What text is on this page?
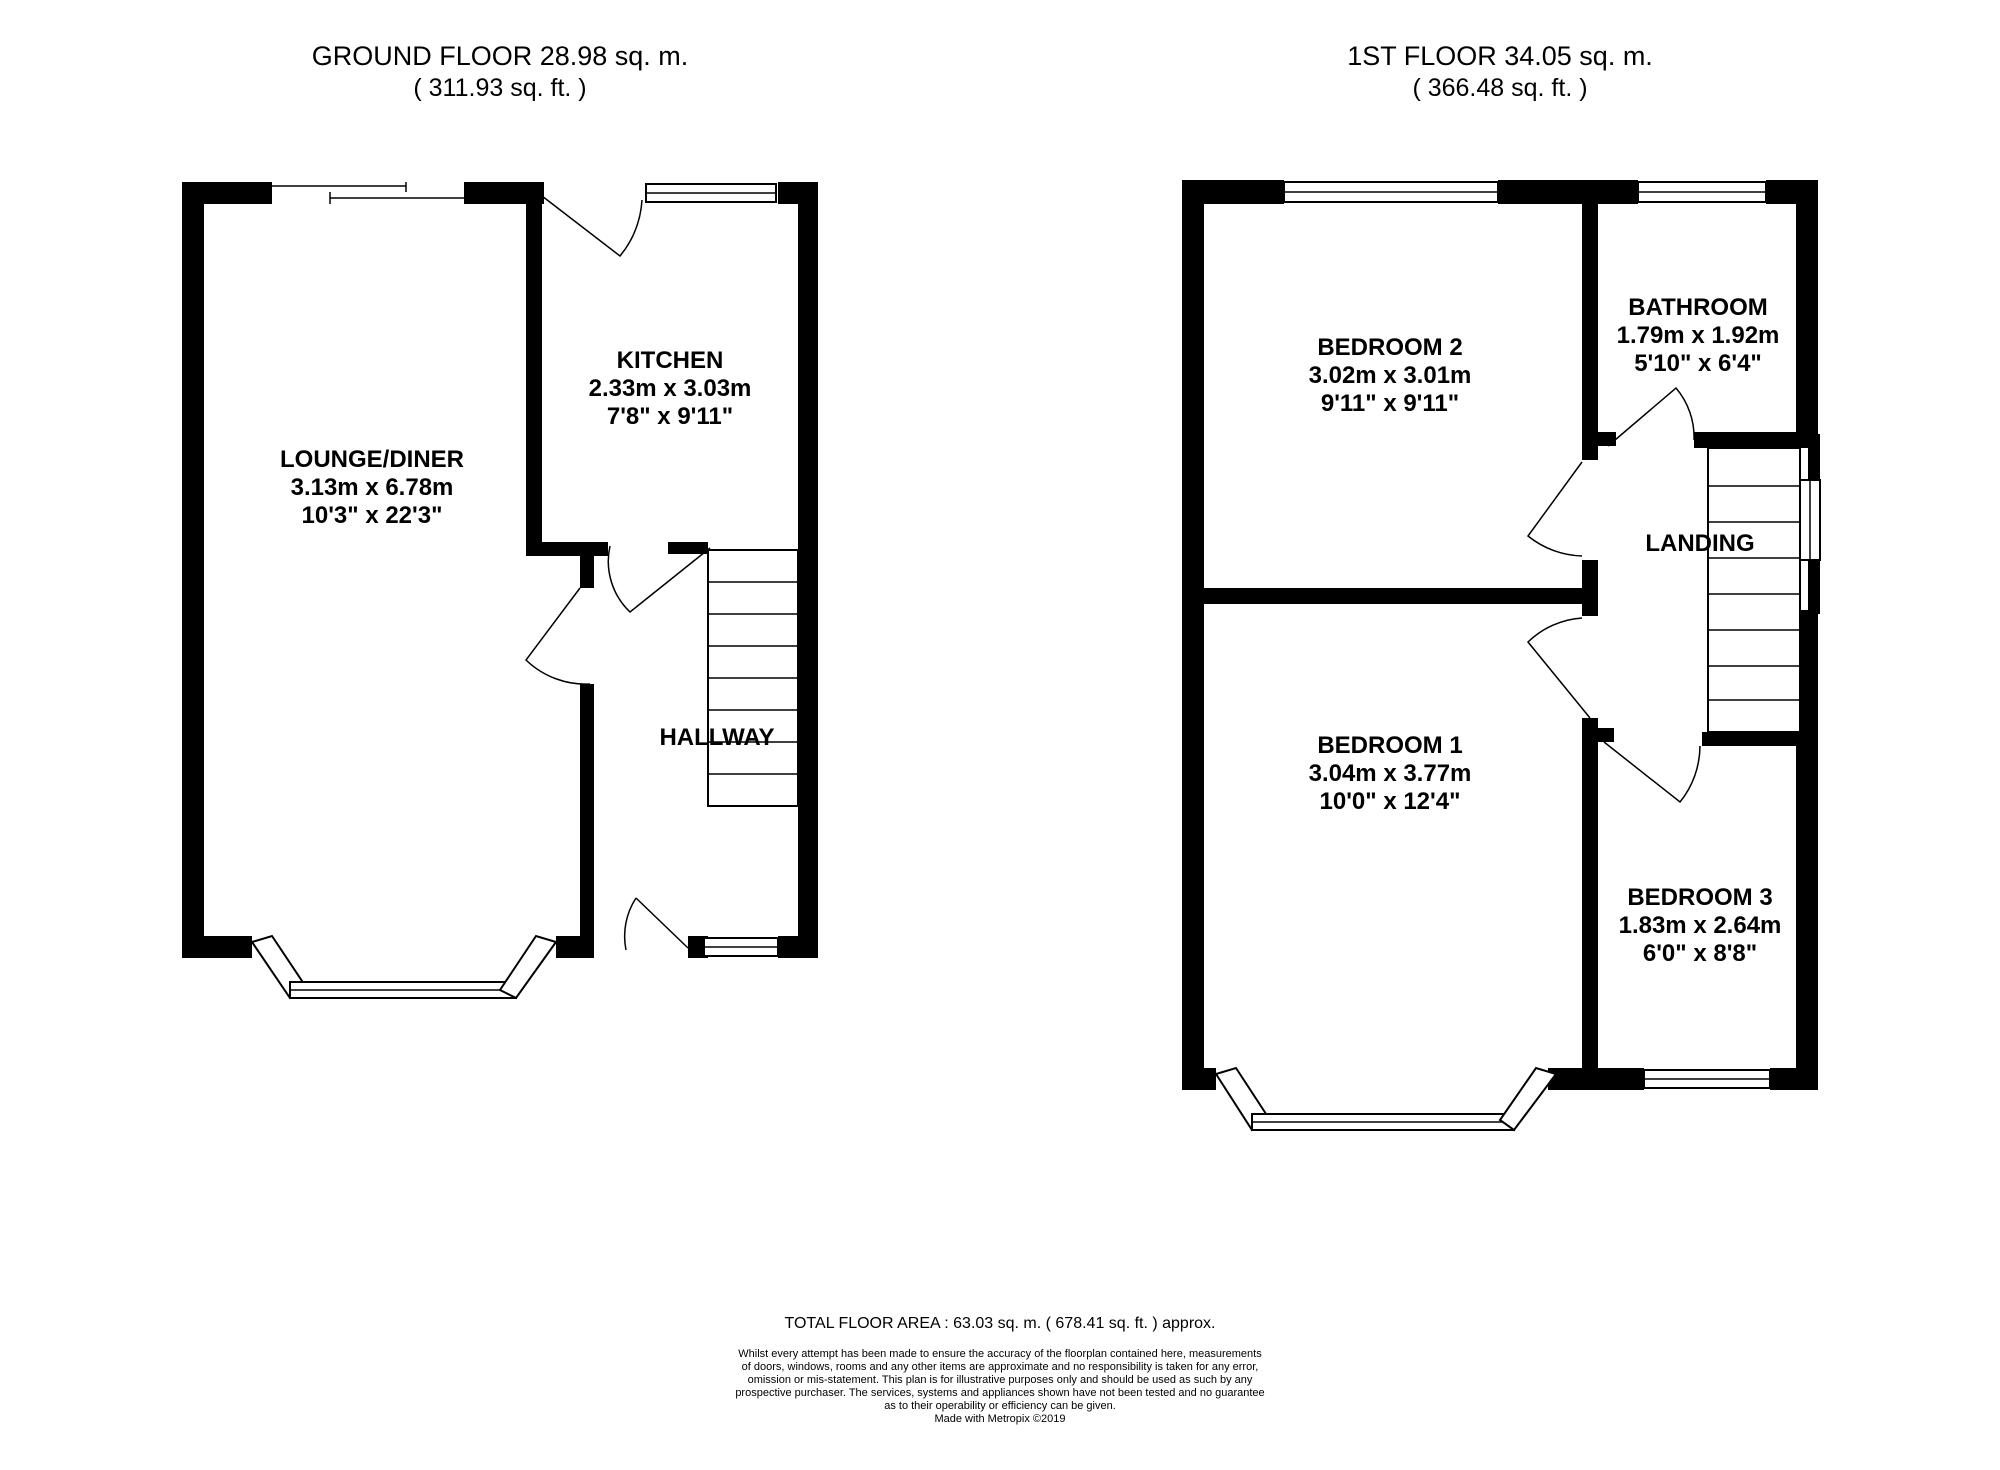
GROUND FLOOR 28.98 sq. m.
( 311.93 sq. ft. )
1ST FLOOR 34.05 sq. m.
( 366.48 sq. ft. )
LOUNGE/DINER
3.13m x 6.78m
10'3" x 22'3"
KITCHEN
2.33m x 3.03m
7'8" x 9'11"
HALLWAY
BEDROOM 2
3.02m x 3.01m
9'11" x 9'11"
BATHROOM
1.79m x 1.92m
5'10" x 6'4"
LANDING
BEDROOM 1
3.04m x 3.77m
10'0" x 12'4"
BEDROOM 3
1.83m x 2.64m
6'0" x 8'8"
TOTAL FLOOR AREA : 63.03 sq. m. ( 678.41 sq. ft. ) approx.
Whilst every attempt has been made to ensure the accuracy of the floorplan contained here, measurements
of doors, windows, rooms and any other items are approximate and no responsibility is taken for any error,
omission or mis-statement. This plan is for illustrative purposes only and should be used as such by any
prospective purchaser. The services, systems and appliances shown have not been tested and no guarantee
as to their operability or efficiency can be given.
Made with Metropix ©2019
